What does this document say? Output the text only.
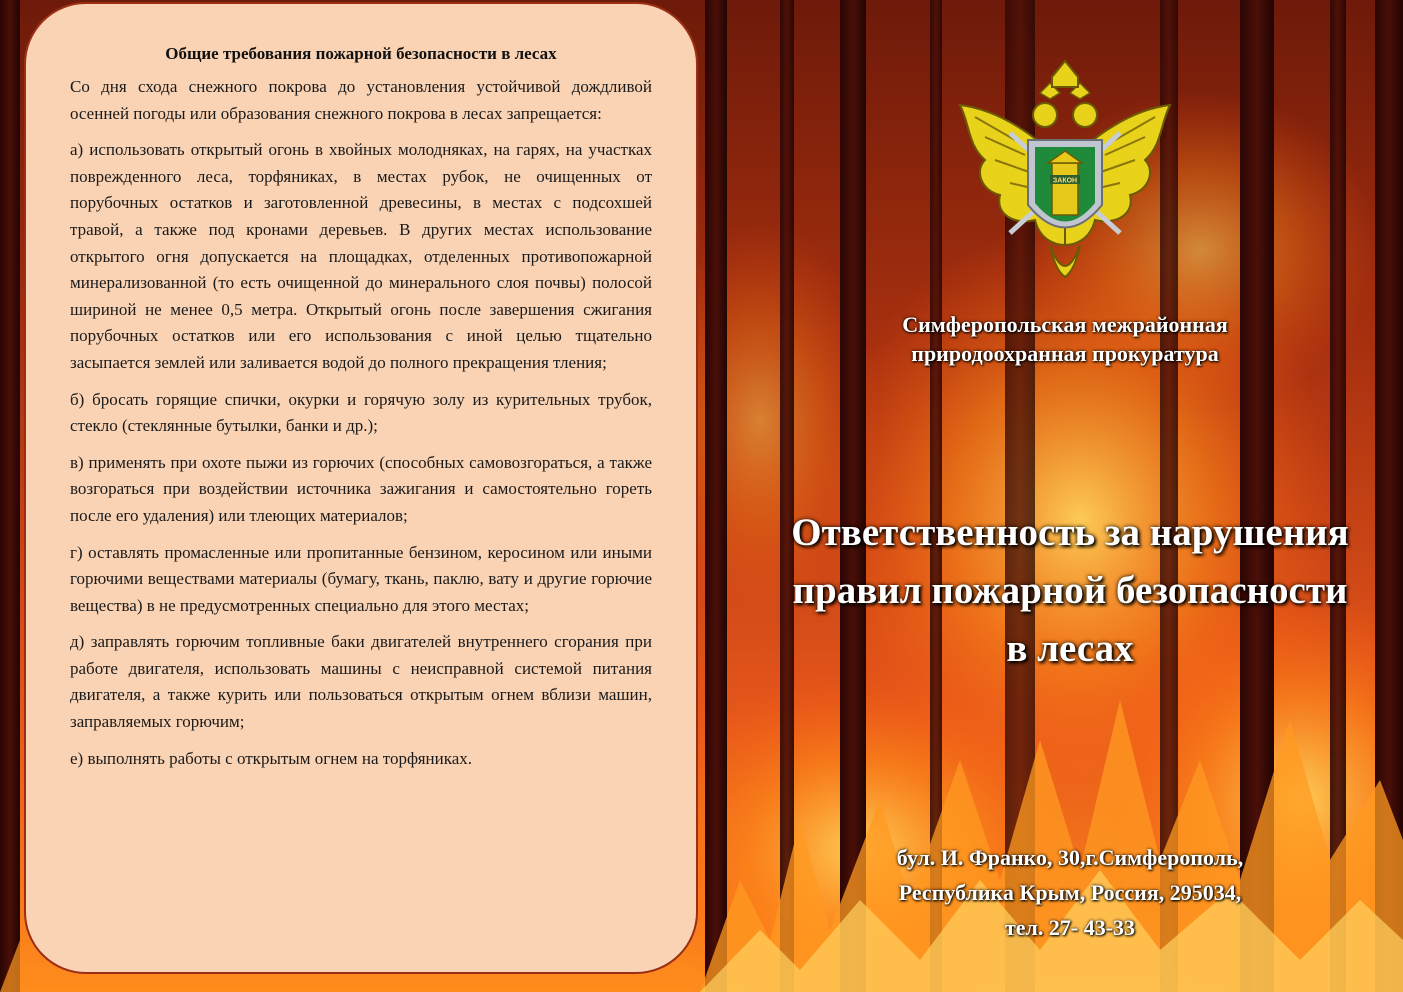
Общие требования пожарной безопасности в лесах

Со дня схода снежного покрова до установления устойчивой дождливой осенней погоды или образования снежного покрова в лесах запрещается:

а) использовать открытый огонь в хвойных молодняках, на гарях, на участках поврежденного леса, торфяниках, в местах рубок, не очищенных от порубочных остатков и заготовленной древесины, в местах с подсохшей травой, а также под кронами деревьев. В других местах использование открытого огня допускается на площадках, отделенных противопожарной минерализованной (то есть очищенной до минерального слоя почвы) полосой шириной не менее 0,5 метра. Открытый огонь после завершения сжигания порубочных остатков или его использования с иной целью тщательно засыпается землей или заливается водой до полного прекращения тления;

б) бросать горящие спички, окурки и горячую золу из курительных трубок, стекло (стеклянные бутылки, банки и др.);

в) применять при охоте пыжи из горючих (способных самовозгораться, а также возгораться при воздействии источника зажигания и самостоятельно гореть после его удаления) или тлеющих материалов;

г) оставлять промасленные или пропитанные бензином, керосином или иными горючими веществами материалы (бумагу, ткань, паклю, вату и другие горючие вещества) в не предусмотренных специально для этого местах;

д) заправлять горючим топливные баки двигателей внутреннего сгорания при работе двигателя, использовать машины с неисправной системой питания двигателя, а также курить или пользоваться открытым огнем вблизи машин, заправляемых горючим;

е) выполнять работы с открытым огнем на торфяниках.

ЗАКОН
Симферопольская межрайонная
природоохранная прокуратура
Ответственность за нарушения правил пожарной безопасности в лесах
бул. И. Франко, 30,г.Симферополь,
Республика Крым, Россия, 295034,
тел. 27- 43-33
